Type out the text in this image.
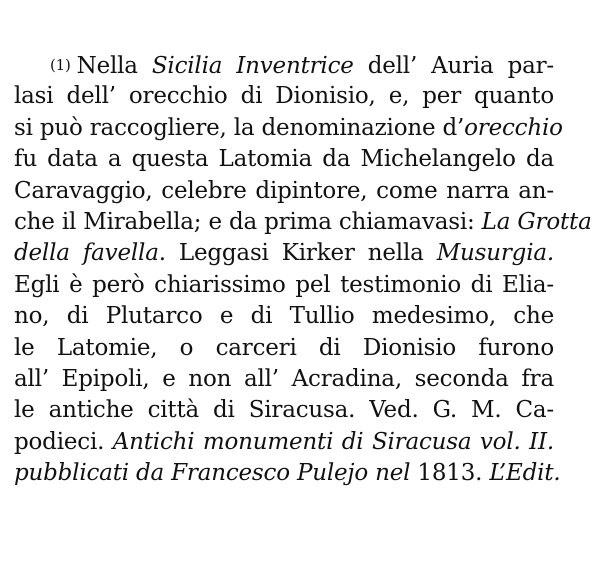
(1) Nella Sicilia Inventrice dell’ Auria par-
lasi dell’ orecchio di Dionisio, e, per quanto
si può raccogliere, la denominazione d’orecchio
fu data a questa Latomia da Michelangelo da
Caravaggio, celebre dipintore, come narra an-
che il Mirabella; e da prima chiamavasi: La Grotta
della favella. Leggasi Kirker nella Musurgia.
Egli è però chiarissimo pel testimonio di Elia-
no, di Plutarco e di Tullio medesimo, che
le Latomie, o carceri di Dionisio furono
all’ Epipoli, e non all’ Acradina, seconda fra
le antiche città di Siracusa. Ved. G. M. Ca-
podieci. Antichi monumenti di Siracusa vol. II.
pubblicati da Francesco Pulejo nel 1813. L’Edit.
